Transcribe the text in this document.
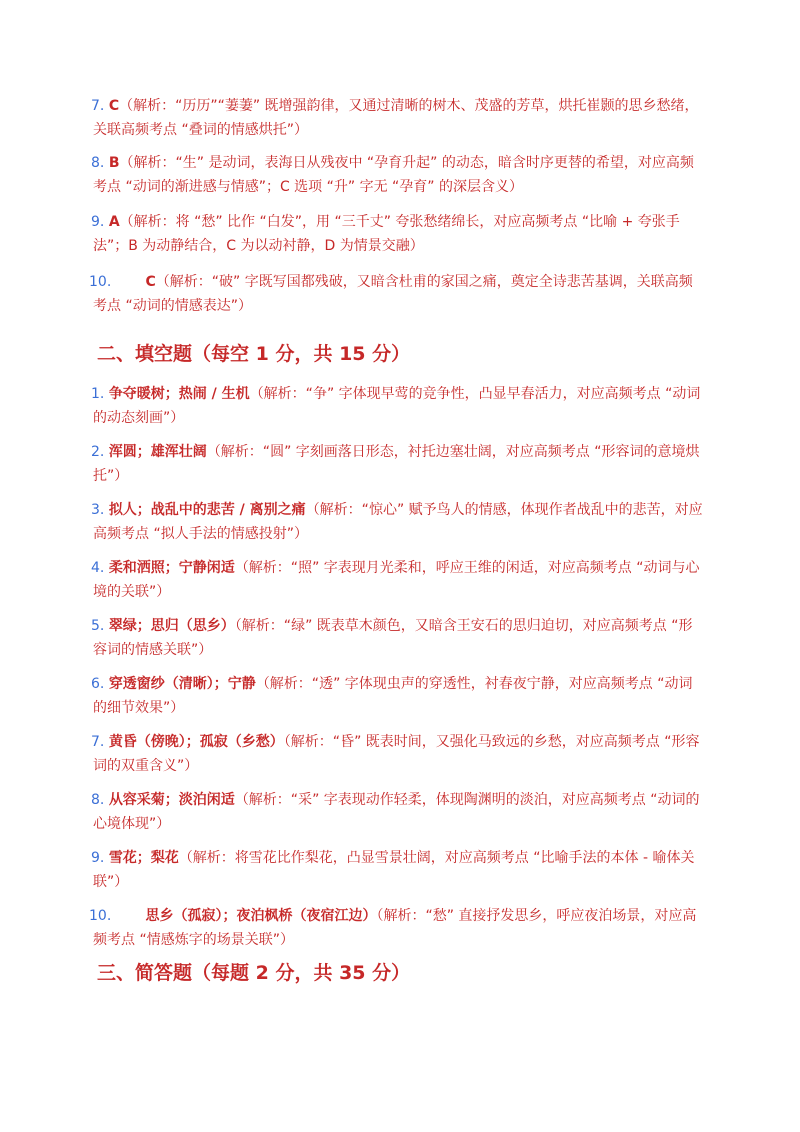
7. C（解析：“历历”“萋萋” 既增强韵律，又通过清晰的树木、茂盛的芳草，烘托崔颢的思乡愁绪，关联高频考点 “叠词的情感烘托”）
8. B（解析：“生” 是动词，表海日从残夜中 “孕育升起” 的动态，暗含时序更替的希望，对应高频考点 “动词的渐进感与情感”；C 选项 “升” 字无 “孕育” 的深层含义）
9. A（解析：将 “愁” 比作 “白发”，用 “三千丈” 夸张愁绪绵长，对应高频考点 “比喻 + 夸张手法”；B 为动静结合，C 为以动衬静，D 为情景交融）
10. C（解析：“破” 字既写国都残破，又暗含杜甫的家国之痛，奠定全诗悲苦基调，关联高频考点 “动词的情感表达”）
二、填空题（每空 1 分，共 15 分）
1. 争夺暖树；热闹 / 生机（解析：“争” 字体现早莺的竞争性，凸显早春活力，对应高频考点 “动词的动态刻画”）
2. 浑圆；雄浑壮阔（解析：“圆” 字刻画落日形态，衬托边塞壮阔，对应高频考点 “形容词的意境烘托”）
3. 拟人；战乱中的悲苦 / 离别之痛（解析：“惊心” 赋予鸟人的情感，体现作者战乱中的悲苦，对应高频考点 “拟人手法的情感投射”）
4. 柔和洒照；宁静闲适（解析：“照” 字表现月光柔和，呼应王维的闲适，对应高频考点 “动词与心境的关联”）
5. 翠绿；思归（思乡）（解析：“绿” 既表草木颜色，又暗含王安石的思归迫切，对应高频考点 “形容词的情感关联”）
6. 穿透窗纱（清晰）；宁静（解析：“透” 字体现虫声的穿透性，衬春夜宁静，对应高频考点 “动词的细节效果”）
7. 黄昏（傍晚）；孤寂（乡愁）（解析：“昏” 既表时间，又强化马致远的乡愁，对应高频考点 “形容词的双重含义”）
8. 从容采菊；淡泊闲适（解析：“采” 字表现动作轻柔，体现陶渊明的淡泊，对应高频考点 “动词的心境体现”）
9. 雪花；梨花（解析：将雪花比作梨花，凸显雪景壮阔，对应高频考点 “比喻手法的本体 - 喻体关联”）
10. 思乡（孤寂）；夜泊枫桥（夜宿江边）（解析：“愁” 直接抒发思乡，呼应夜泊场景，对应高频考点 “情感炼字的场景关联”）
三、简答题（每题 2 分，共 35 分）
